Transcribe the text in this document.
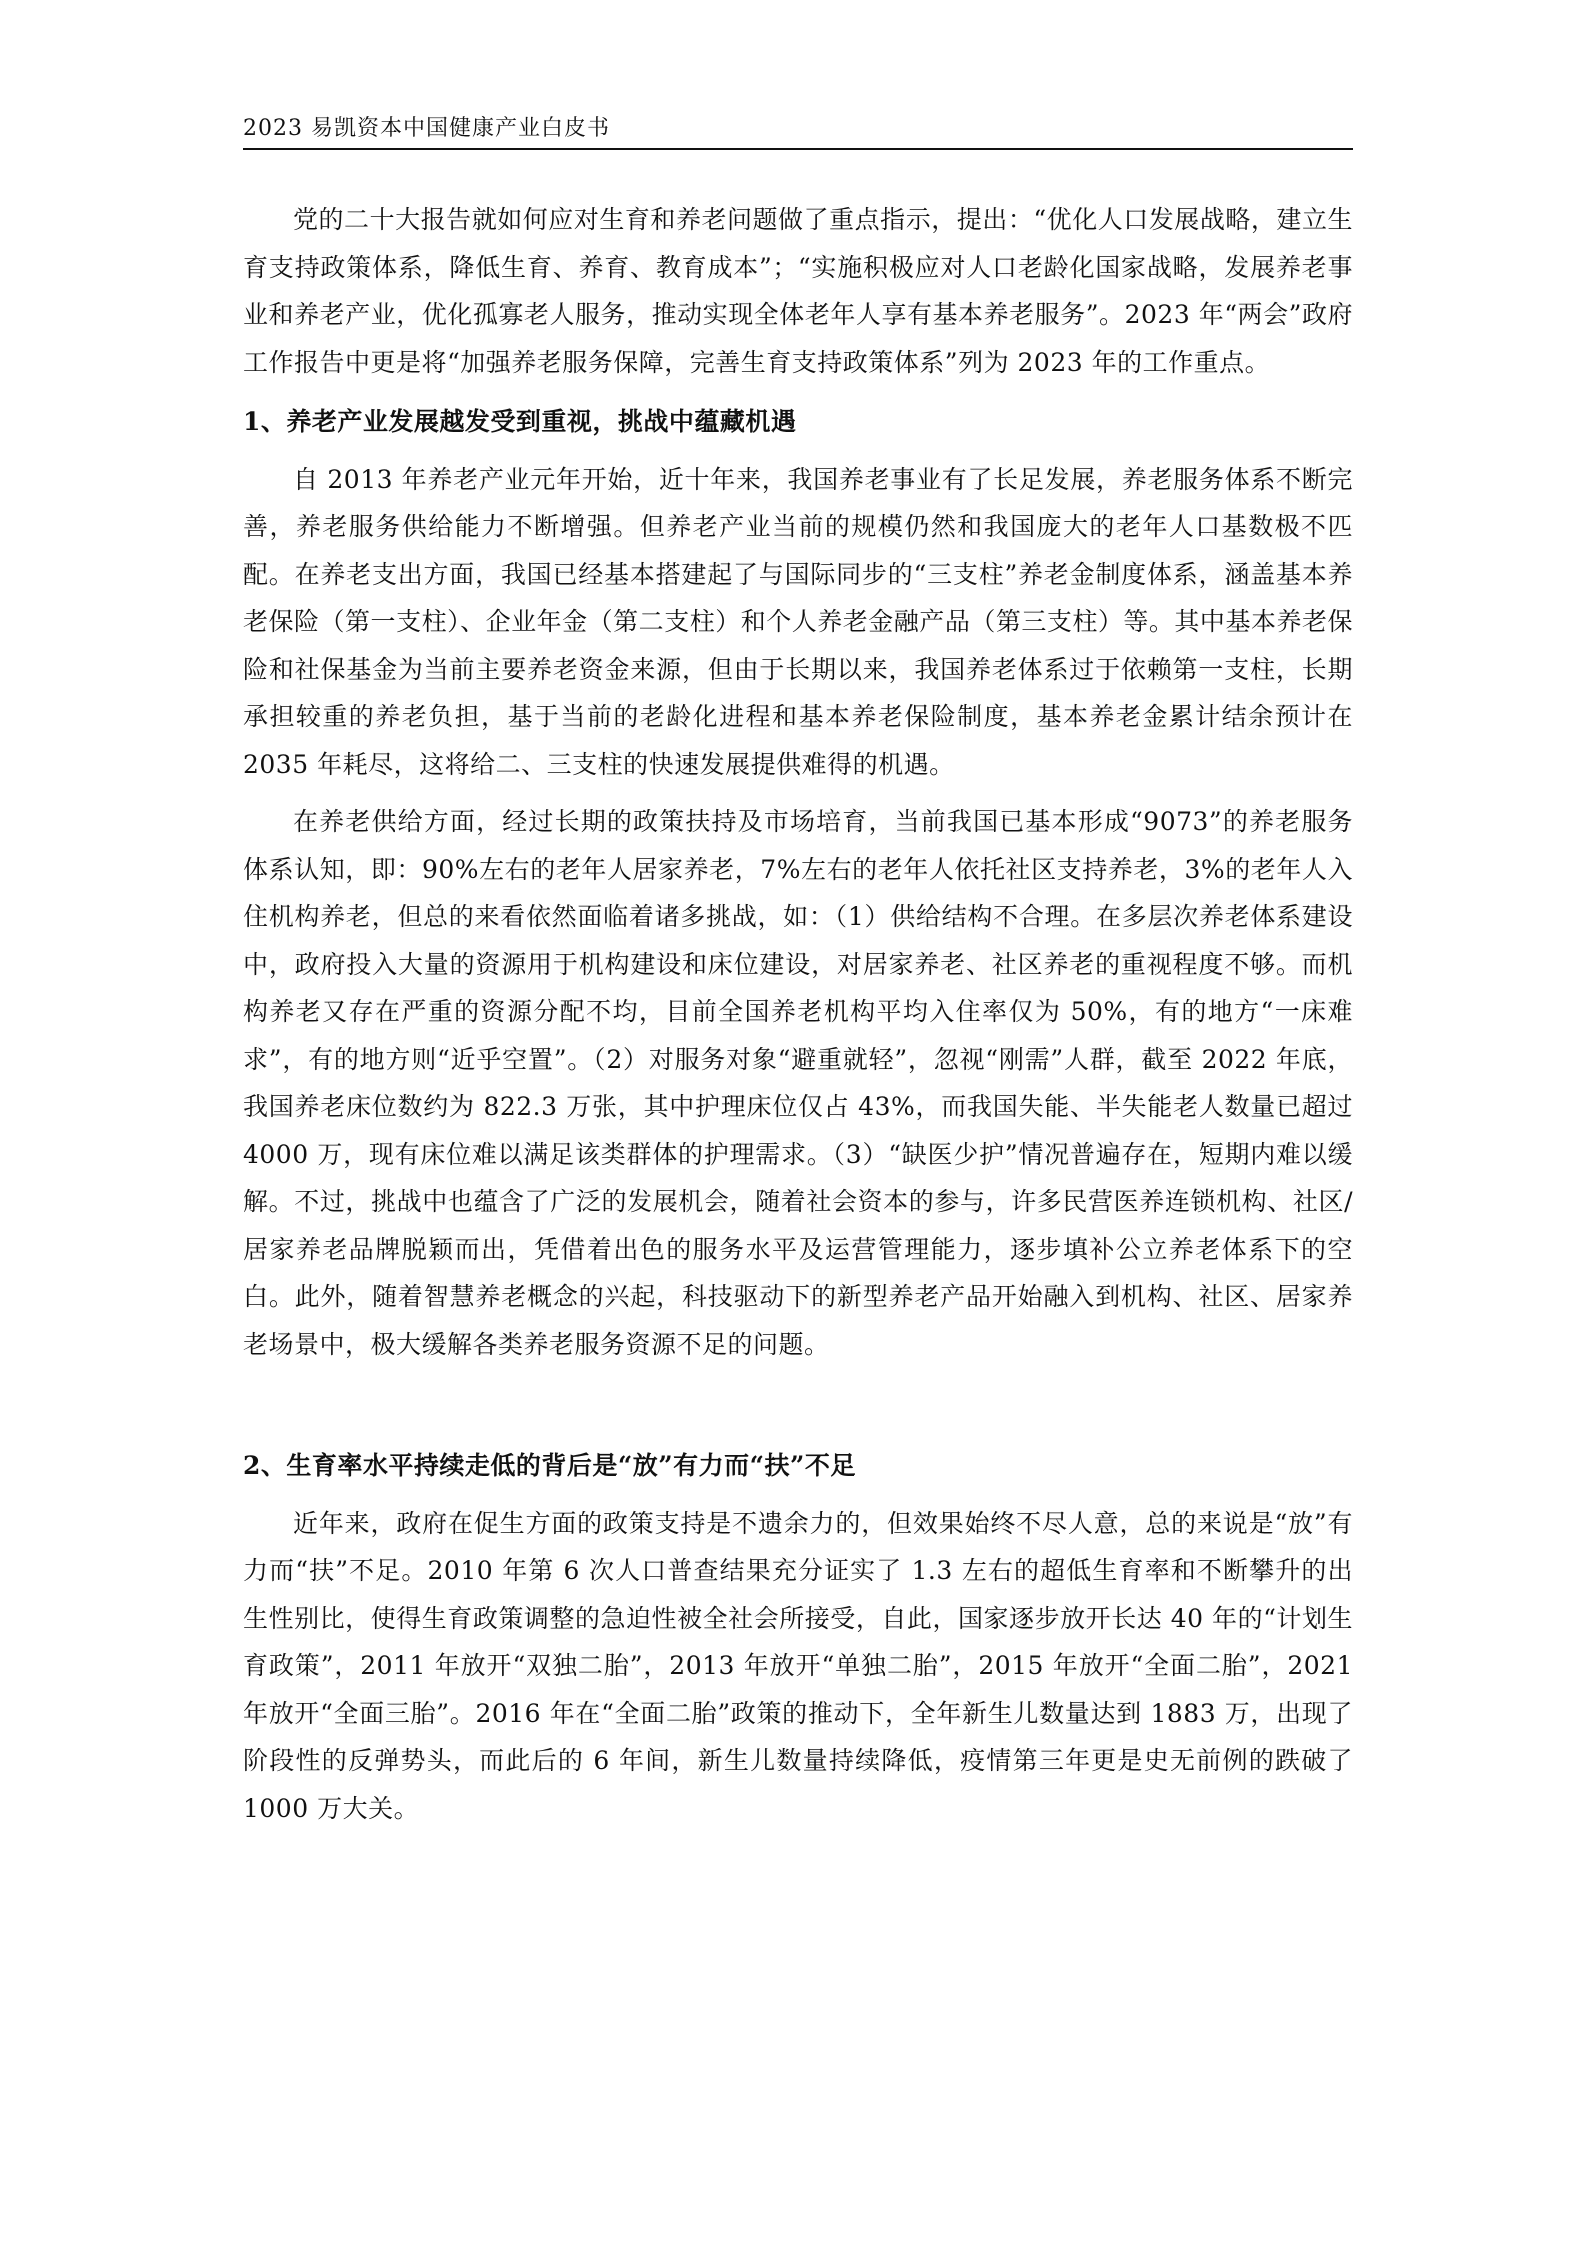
2023 易凯资本中国健康产业白皮书

党的二十大报告就如何应对生育和养老问题做了重点指示，提出：“优化人口发展战略，建立生育支持政策体系，降低生育、养育、教育成本”；“实施积极应对人口老龄化国家战略，发展养老事业和养老产业，优化孤寡老人服务，推动实现全体老年人享有基本养老服务”。2023 年“两会”政府工作报告中更是将“加强养老服务保障，完善生育支持政策体系”列为 2023 年的工作重点。

1、养老产业发展越发受到重视，挑战中蕴藏机遇

自 2013 年养老产业元年开始，近十年来，我国养老事业有了长足发展，养老服务体系不断完善，养老服务供给能力不断增强。但养老产业当前的规模仍然和我国庞大的老年人口基数极不匹配。在养老支出方面，我国已经基本搭建起了与国际同步的“三支柱”养老金制度体系，涵盖基本养老保险（第一支柱）、企业年金（第二支柱）和个人养老金融产品（第三支柱）等。其中基本养老保险和社保基金为当前主要养老资金来源，但由于长期以来，我国养老体系过于依赖第一支柱，长期承担较重的养老负担，基于当前的老龄化进程和基本养老保险制度，基本养老金累计结余预计在 2035 年耗尽，这将给二、三支柱的快速发展提供难得的机遇。

在养老供给方面，经过长期的政策扶持及市场培育，当前我国已基本形成“9073”的养老服务体系认知，即：90%左右的老年人居家养老，7%左右的老年人依托社区支持养老，3%的老年人入住机构养老，但总的来看依然面临着诸多挑战，如：（1）供给结构不合理。在多层次养老体系建设中，政府投入大量的资源用于机构建设和床位建设，对居家养老、社区养老的重视程度不够。而机构养老又存在严重的资源分配不均，目前全国养老机构平均入住率仅为 50%，有的地方“一床难求”，有的地方则“近乎空置”。（2）对服务对象“避重就轻”，忽视“刚需”人群，截至 2022 年底，我国养老床位数约为 822.3 万张，其中护理床位仅占 43%，而我国失能、半失能老人数量已超过 4000 万，现有床位难以满足该类群体的护理需求。（3）“缺医少护”情况普遍存在，短期内难以缓解。不过，挑战中也蕴含了广泛的发展机会，随着社会资本的参与，许多民营医养连锁机构、社区/居家养老品牌脱颖而出，凭借着出色的服务水平及运营管理能力，逐步填补公立养老体系下的空白。此外，随着智慧养老概念的兴起，科技驱动下的新型养老产品开始融入到机构、社区、居家养老场景中，极大缓解各类养老服务资源不足的问题。

2、生育率水平持续走低的背后是“放”有力而“扶”不足

近年来，政府在促生方面的政策支持是不遗余力的，但效果始终不尽人意，总的来说是“放”有力而“扶”不足。2010 年第 6 次人口普查结果充分证实了 1.3 左右的超低生育率和不断攀升的出生性别比，使得生育政策调整的急迫性被全社会所接受，自此，国家逐步放开长达 40 年的“计划生育政策”，2011 年放开“双独二胎”，2013 年放开“单独二胎”，2015 年放开“全面二胎”，2021 年放开“全面三胎”。2016 年在“全面二胎”政策的推动下，全年新生儿数量达到 1883 万，出现了阶段性的反弹势头，而此后的 6 年间，新生儿数量持续降低，疫情第三年更是史无前例的跌破了 1000 万大关。
